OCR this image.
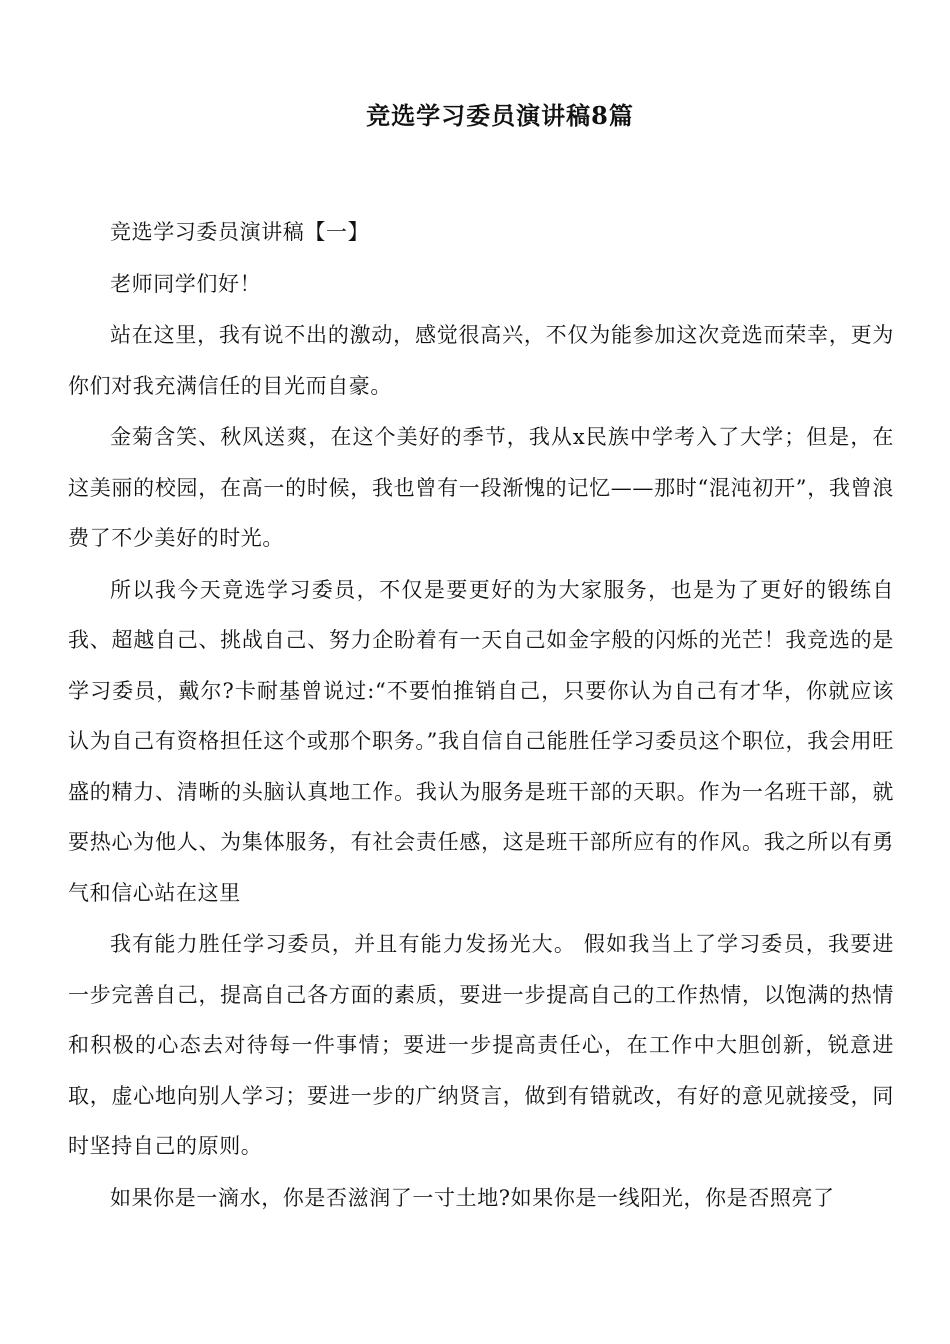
竞选学习委员演讲稿8篇

竞选学习委员演讲稿【一】

老师同学们好！

站在这里，我有说不出的激动，感觉很高兴，不仅为能参加这次竞选而荣幸，更为你们对我充满信任的目光而自豪。

金菊含笑、秋风送爽，在这个美好的季节，我从x民族中学考入了大学；但是，在这美丽的校园，在高一的时候，我也曾有一段渐愧的记忆——那时“混沌初开”，我曾浪费了不少美好的时光。

所以我今天竟选学习委员，不仅是要更好的为大家服务，也是为了更好的锻练自我、超越自己、挑战自己、努力企盼着有一天自己如金字般的闪烁的光芒！我竞选的是学习委员，戴尔?卡耐基曾说过:“不要怕推销自己，只要你认为自己有才华，你就应该认为自己有资格担任这个或那个职务。”我自信自己能胜任学习委员这个职位，我会用旺盛的精力、清晰的头脑认真地工作。我认为服务是班干部的天职。作为一名班干部，就要热心为他人、为集体服务，有社会责任感，这是班干部所应有的作风。我之所以有勇气和信心站在这里

我有能力胜任学习委员，并且有能力发扬光大。 假如我当上了学习委员，我要进一步完善自己，提高自己各方面的素质，要进一步提高自己的工作热情，以饱满的热情和积极的心态去对待每一件事情；要进一步提高责任心，在工作中大胆创新，锐意进取，虚心地向别人学习；要进一步的广纳贤言，做到有错就改，有好的意见就接受，同时坚持自己的原则。

如果你是一滴水，你是否滋润了一寸土地?如果你是一线阳光，你是否照亮了
